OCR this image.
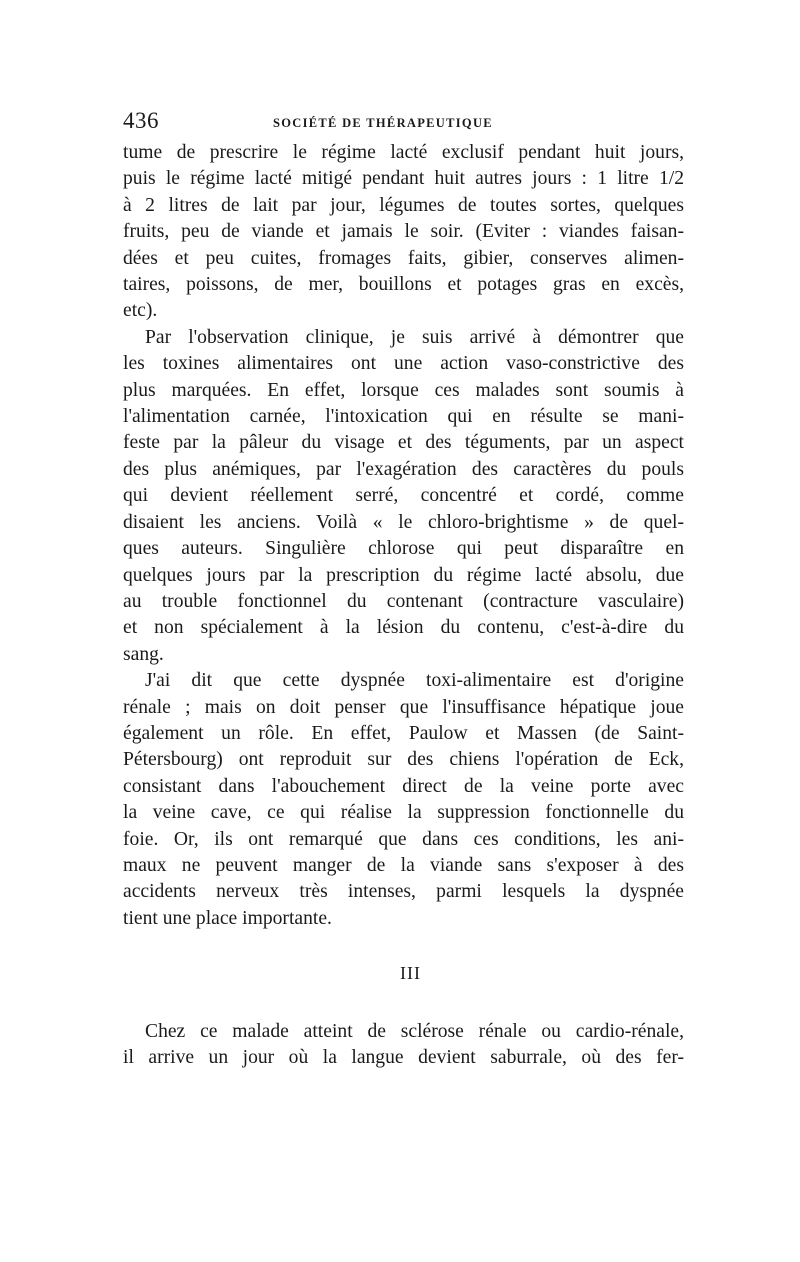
436	SOCIÉTÉ DE THÉRAPEUTIQUE

tume de prescrire le régime lacté exclusif pendant huit jours,
puis le régime lacté mitigé pendant huit autres jours : 1 litre 1/2
à 2 litres de lait par jour, légumes de toutes sortes, quelques
fruits, peu de viande et jamais le soir. (Eviter : viandes faisan-
dées et peu cuites, fromages faits, gibier, conserves alimen-
taires, poissons, de mer, bouillons et potages gras en excès,
etc).

Par l'observation clinique, je suis arrivé à démontrer que
les toxines alimentaires ont une action vaso-constrictive des
plus marquées. En effet, lorsque ces malades sont soumis à
l'alimentation carnée, l'intoxication qui en résulte se mani-
feste par la pâleur du visage et des téguments, par un aspect
des plus anémiques, par l'exagération des caractères du pouls
qui devient réellement serré, concentré et cordé, comme
disaient les anciens. Voilà « le chloro-brightisme » de quel-
ques auteurs. Singulière chlorose qui peut disparaître en
quelques jours par la prescription du régime lacté absolu, due
au trouble fonctionnel du contenant (contracture vasculaire)
et non spécialement à la lésion du contenu, c'est-à-dire du
sang.

J'ai dit que cette dyspnée toxi-alimentaire est d'origine
rénale ; mais on doit penser que l'insuffisance hépatique joue
également un rôle. En effet, Paulow et Massen (de Saint-
Pétersbourg) ont reproduit sur des chiens l'opération de Eck,
consistant dans l'abouchement direct de la veine porte avec
la veine cave, ce qui réalise la suppression fonctionnelle du
foie. Or, ils ont remarqué que dans ces conditions, les ani-
maux ne peuvent manger de la viande sans s'exposer à des
accidents nerveux très intenses, parmi lesquels la dyspnée
tient une place importante.

III

Chez ce malade atteint de sclérose rénale ou cardio-rénale,
il arrive un jour où la langue devient saburrale, où des fer-
